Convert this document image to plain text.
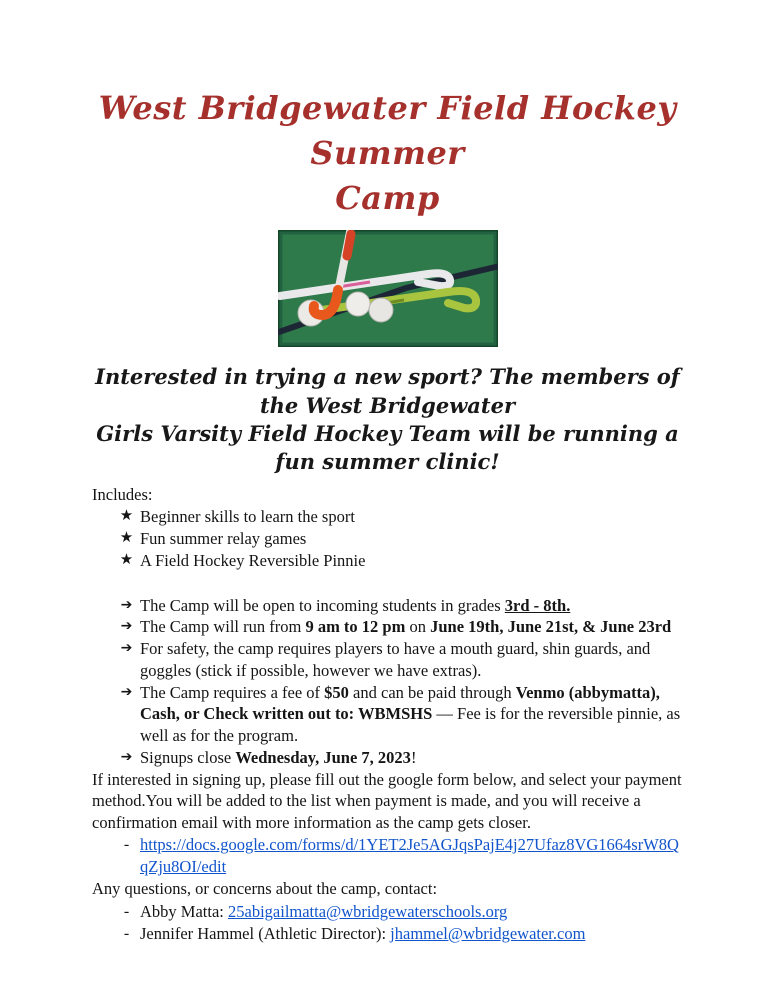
West Bridgewater Field Hockey Summer
Camp
Interested in trying a new sport? The members of the West Bridgewater
Girls Varsity Field Hockey Team will be running a fun summer clinic!
Includes:
★ Beginner skills to learn the sport
★ Fun summer relay games
★ A Field Hockey Reversible Pinnie
➔ The Camp will be open to incoming students in grades 3rd - 8th.
➔ The Camp will run from 9 am to 12 pm on June 19th, June 21st, & June 23rd
➔ For safety, the camp requires players to have a mouth guard, shin guards, and goggles (stick if possible, however we have extras).
➔ The Camp requires a fee of $50 and can be paid through Venmo (abbymatta), Cash, or Check written out to: WBMSHS — Fee is for the reversible pinnie, as well as for the program.
➔ Signups close Wednesday, June 7, 2023!
If interested in signing up, please fill out the google form below, and select your payment method.You will be added to the list when payment is made, and you will receive a confirmation email with more information as the camp gets closer.
- https://docs.google.com/forms/d/1YET2Je5AGJqsPajE4j27Ufaz8VG1664srW8QqZju8OI/edit
Any questions, or concerns about the camp, contact:
- Abby Matta: 25abigailmatta@wbridgewaterschools.org
- Jennifer Hammel (Athletic Director): jhammel@wbridgewater.com
